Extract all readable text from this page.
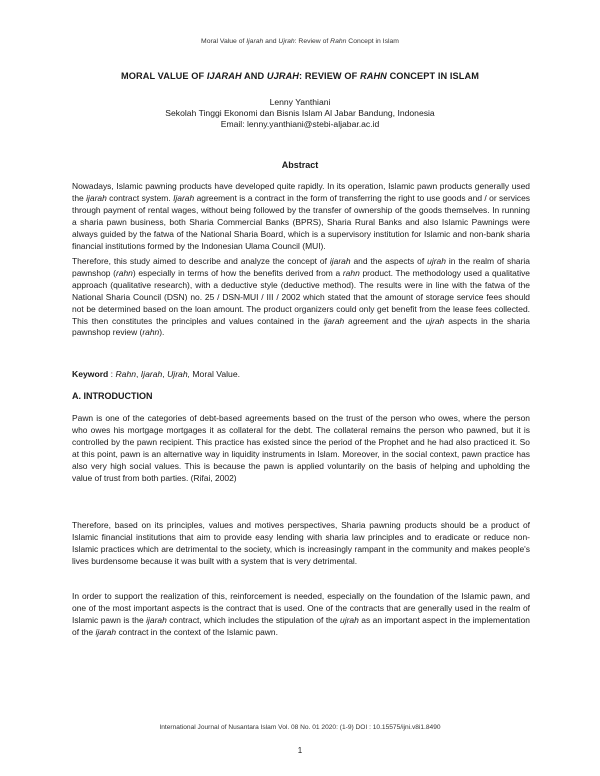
Moral Value of Ijarah and Ujrah: Review of Rahn Concept in Islam
MORAL VALUE OF IJARAH AND UJRAH: REVIEW OF RAHN CONCEPT IN ISLAM
Lenny Yanthiani
Sekolah Tinggi Ekonomi dan Bisnis Islam Al Jabar Bandung, Indonesia
Email: lenny.yanthiani@stebi-aljabar.ac.id
Abstract

Nowadays, Islamic pawning products have developed quite rapidly. In its operation, Islamic pawn products generally used the ijarah contract system. Ijarah agreement is a contract in the form of transferring the right to use goods and / or services through payment of rental wages, without being followed by the transfer of ownership of the goods themselves. In running a sharia pawn business, both Sharia Commercial Banks (BPRS), Sharia Rural Banks and also Islamic Pawnings were always guided by the fatwa of the National Sharia Board, which is a supervisory institution for Islamic and non-bank sharia financial institutions formed by the Indonesian Ulama Council (MUI).

Therefore, this study aimed to describe and analyze the concept of ijarah and the aspects of ujrah in the realm of sharia pawnshop (rahn) especially in terms of how the benefits derived from a rahn product. The methodology used a qualitative approach (qualitative research), with a deductive style (deductive method). The results were in line with the fatwa of the National Sharia Council (DSN) no. 25 / DSN-MUI / III / 2002 which stated that the amount of storage service fees should not be determined based on the loan amount. The product organizers could only get benefit from the lease fees collected. This then constitutes the principles and values contained in the ijarah agreement and the ujrah aspects in the sharia pawnshop review (rahn).

Keyword : Rahn, Ijarah, Ujrah, Moral Value.
A. INTRODUCTION

Pawn is one of the categories of debt-based agreements based on the trust of the person who owes, where the person who owes his mortgage mortgages it as collateral for the debt. The collateral remains the person who pawned, but it is controlled by the pawn recipient. This practice has existed since the period of the Prophet and he had also practiced it. So at this point, pawn is an alternative way in liquidity instruments in Islam. Moreover, in the social context, pawn practice has also very high social values. This is because the pawn is applied voluntarily on the basis of helping and upholding the value of trust from both parties. (Rifai, 2002)

Therefore, based on its principles, values and motives perspectives, Sharia pawning products should be a product of Islamic financial institutions that aim to provide easy lending with sharia law principles and to eradicate or reduce non-Islamic practices which are detrimental to the society, which is increasingly rampant in the community and makes people's lives burdensome because it was built with a system that is very detrimental.

In order to support the realization of this, reinforcement is needed, especially on the foundation of the Islamic pawn, and one of the most important aspects is the contract that is used. One of the contracts that are generally used in the realm of Islamic pawn is the ijarah contract, which includes the stipulation of the ujrah as an important aspect in the implementation of the ijarah contract in the context of the Islamic pawn.

International Journal of Nusantara Islam Vol. 08 No. 01 2020: (1-9) DOI : 10.15575/ijni.v8i1.8490
1
